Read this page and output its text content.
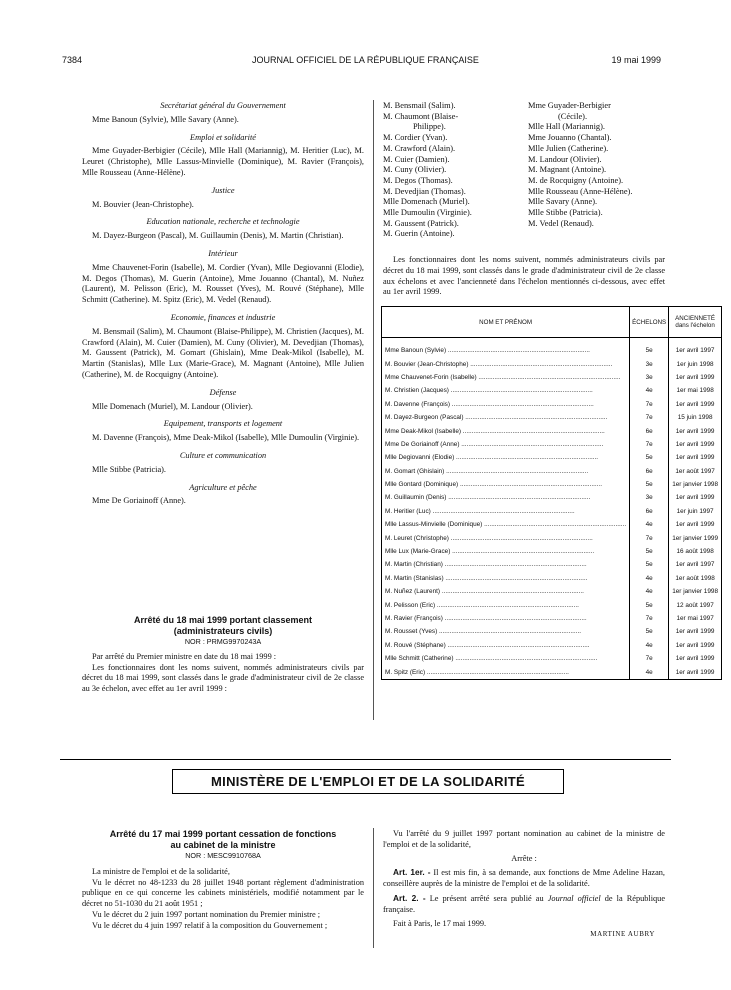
7384	JOURNAL OFFICIEL DE LA RÉPUBLIQUE FRANÇAISE	19 mai 1999
Secrétariat général du Gouvernement

Mme Banoun (Sylvie), Mlle Savary (Anne).

Emploi et solidarité

Mme Guyader-Berbigier (Cécile), Mlle Hall (Mariannig), M. Heritier (Luc), M. Leuret (Christophe), Mlle Lassus-Minvielle (Dominique), M. Ravier (François), Mlle Rousseau (Anne-Hélène).

Justice

M. Bouvier (Jean-Christophe).

Education nationale, recherche et technologie

M. Dayez-Burgeon (Pascal), M. Guillaumin (Denis), M. Martin (Christian).

Intérieur

Mme Chauvenet-Forin (Isabelle), M. Cordier (Yvan), Mlle Degiovanni (Elodie), M. Degos (Thomas), M. Guerin (Antoine), Mme Jouanno (Chantal), M. Nuñez (Laurent), M. Pelisson (Eric), M. Rousset (Yves), M. Rouvé (Stéphane), Mlle Schmitt (Catherine). M. Spitz (Eric), M. Vedel (Renaud).

Economie, finances et industrie

M. Bensmail (Salim), M. Chaumont (Blaise-Philippe), M. Christien (Jacques), M. Crawford (Alain), M. Cuier (Damien), M. Cuny (Olivier), M. Devedjian (Thomas), M. Gaussent (Patrick), M. Gomart (Ghislain), Mme Deak-Mikol (Isabelle), M. Martin (Stanislas), Mlle Lux (Marie-Grace), M. Magnant (Antoine), Mlle Julien (Catherine), M. de Rocquigny (Antoine).

Défense

Mlle Domenach (Muriel), M. Landour (Olivier).

Equipement, transports et logement

M. Davenne (François), Mme Deak-Mikol (Isabelle), Mlle Dumoulin (Virginie).

Culture et communication

Mlle Stibbe (Patricia).

Agriculture et pêche

Mme De Goriainoff (Anne).

M. Bensmail (Salim).
M. Chaumont (Blaise-
Philippe).
M. Cordier (Yvan).
M. Crawford (Alain).
M. Cuier (Damien).
M. Cuny (Olivier).
M. Degos (Thomas).
M. Devedjian (Thomas).
Mlle Domenach (Muriel).
Mlle Dumoulin (Virginie).
M. Gaussent (Patrick).
M. Guerin (Antoine).
Mme Guyader-Berbigier
(Cécile).
Mlle Hall (Mariannig).
Mme Jouanno (Chantal).
Mlle Julien (Catherine).
M. Landour (Olivier).
M. Magnant (Antoine).
M. de Rocquigny (Antoine).
Mlle Rousseau (Anne-Hélène).
Mlle Savary (Anne).
Mlle Stibbe (Patricia).
M. Vedel (Renaud).

Les fonctionnaires dont les noms suivent, nommés administrateurs civils par décret du 18 mai 1999, sont classés dans le grade d'administrateur civil de 2e classe aux échelons et avec l'ancienneté dans l'échelon mentionnés ci-dessous, avec effet au 1er avril 1999.

NOM ET PRÉNOM	ÉCHELONS	ANCIENNETÉ dans l'échelon

Mme Banoun (Sylvie) ................................................................................	5e	1er avril 1997
M. Bouvier (Jean-Christophe) ................................................................................	3e	1er juin 1998
Mme Chauvenet-Forin (Isabelle) ................................................................................	3e	1er avril 1999
M. Christien (Jacques) ................................................................................	4e	1er mai 1998
M. Davenne (François) ................................................................................	7e	1er avril 1999
M. Dayez-Burgeon (Pascal) ................................................................................	7e	15 juin 1998
Mme Deak-Mikol (Isabelle) ................................................................................	6e	1er avril 1999
Mme De Goriainoff (Anne) ................................................................................	7e	1er avril 1999
Mlle Degiovanni (Elodie) ................................................................................	5e	1er avril 1999
M. Gomart (Ghislain) ................................................................................	6e	1er août 1997
Mlle Gontard (Dominique) ................................................................................	5e	1er janvier 1998
M. Guillaumin (Denis) ................................................................................	3e	1er avril 1999
M. Heritier (Luc) ................................................................................	6e	1er juin 1997
Mlle Lassus-Minvielle (Dominique) ................................................................................	4e	1er avril 1999
M. Leuret (Christophe) ................................................................................	7e	1er janvier 1999
Mlle Lux (Marie-Grace) ................................................................................	5e	16 août 1998
M. Martin (Christian) ................................................................................	5e	1er avril 1997
M. Martin (Stanislas) ................................................................................	4e	1er août 1998
M. Nuñez (Laurent) ................................................................................	4e	1er janvier 1998
M. Pelisson (Eric) ................................................................................	5e	12 août 1997
M. Ravier (François) ................................................................................	7e	1er mai 1997
M. Rousset (Yves) ................................................................................	5e	1er avril 1999
M. Rouvé (Stéphane) ................................................................................	4e	1er avril 1999
Mlle Schmitt (Catherine) ................................................................................	7e	1er avril 1999
M. Spitz (Eric) ................................................................................	4e	1er avril 1999
Arrêté du 18 mai 1999 portant classement
(administrateurs civils)
NOR : PRMG9970243A

Par arrêté du Premier ministre en date du 18 mai 1999 :

Les fonctionnaires dont les noms suivent, nommés administrateurs civils par décret du 18 mai 1999, sont classés dans le grade d'administrateur civil de 2e classe au 3e échelon, avec effet au 1er avril 1999 :

MINISTÈRE DE L'EMPLOI ET DE LA SOLIDARITÉ
Arrêté du 17 mai 1999 portant cessation de fonctions
au cabinet de la ministre
NOR : MESC9910768A

La ministre de l'emploi et de la solidarité,

Vu le décret no 48-1233 du 28 juillet 1948 portant règlement d'administration publique en ce qui concerne les cabinets ministériels, modifié notamment par le décret no 51-1030 du 21 août 1951 ;

Vu le décret du 2 juin 1997 portant nomination du Premier ministre ;

Vu le décret du 4 juin 1997 relatif à la composition du Gouvernement ;

Vu l'arrêté du 9 juillet 1997 portant nomination au cabinet de la ministre de l'emploi et de la solidarité,

Arrête :

Art. 1er. - Il est mis fin, à sa demande, aux fonctions de Mme Adeline Hazan, conseillère auprès de la ministre de l'emploi et de la solidarité.

Art. 2. - Le présent arrêté sera publié au Journal officiel de la République française.

Fait à Paris, le 17 mai 1999.

MARTINE AUBRY
